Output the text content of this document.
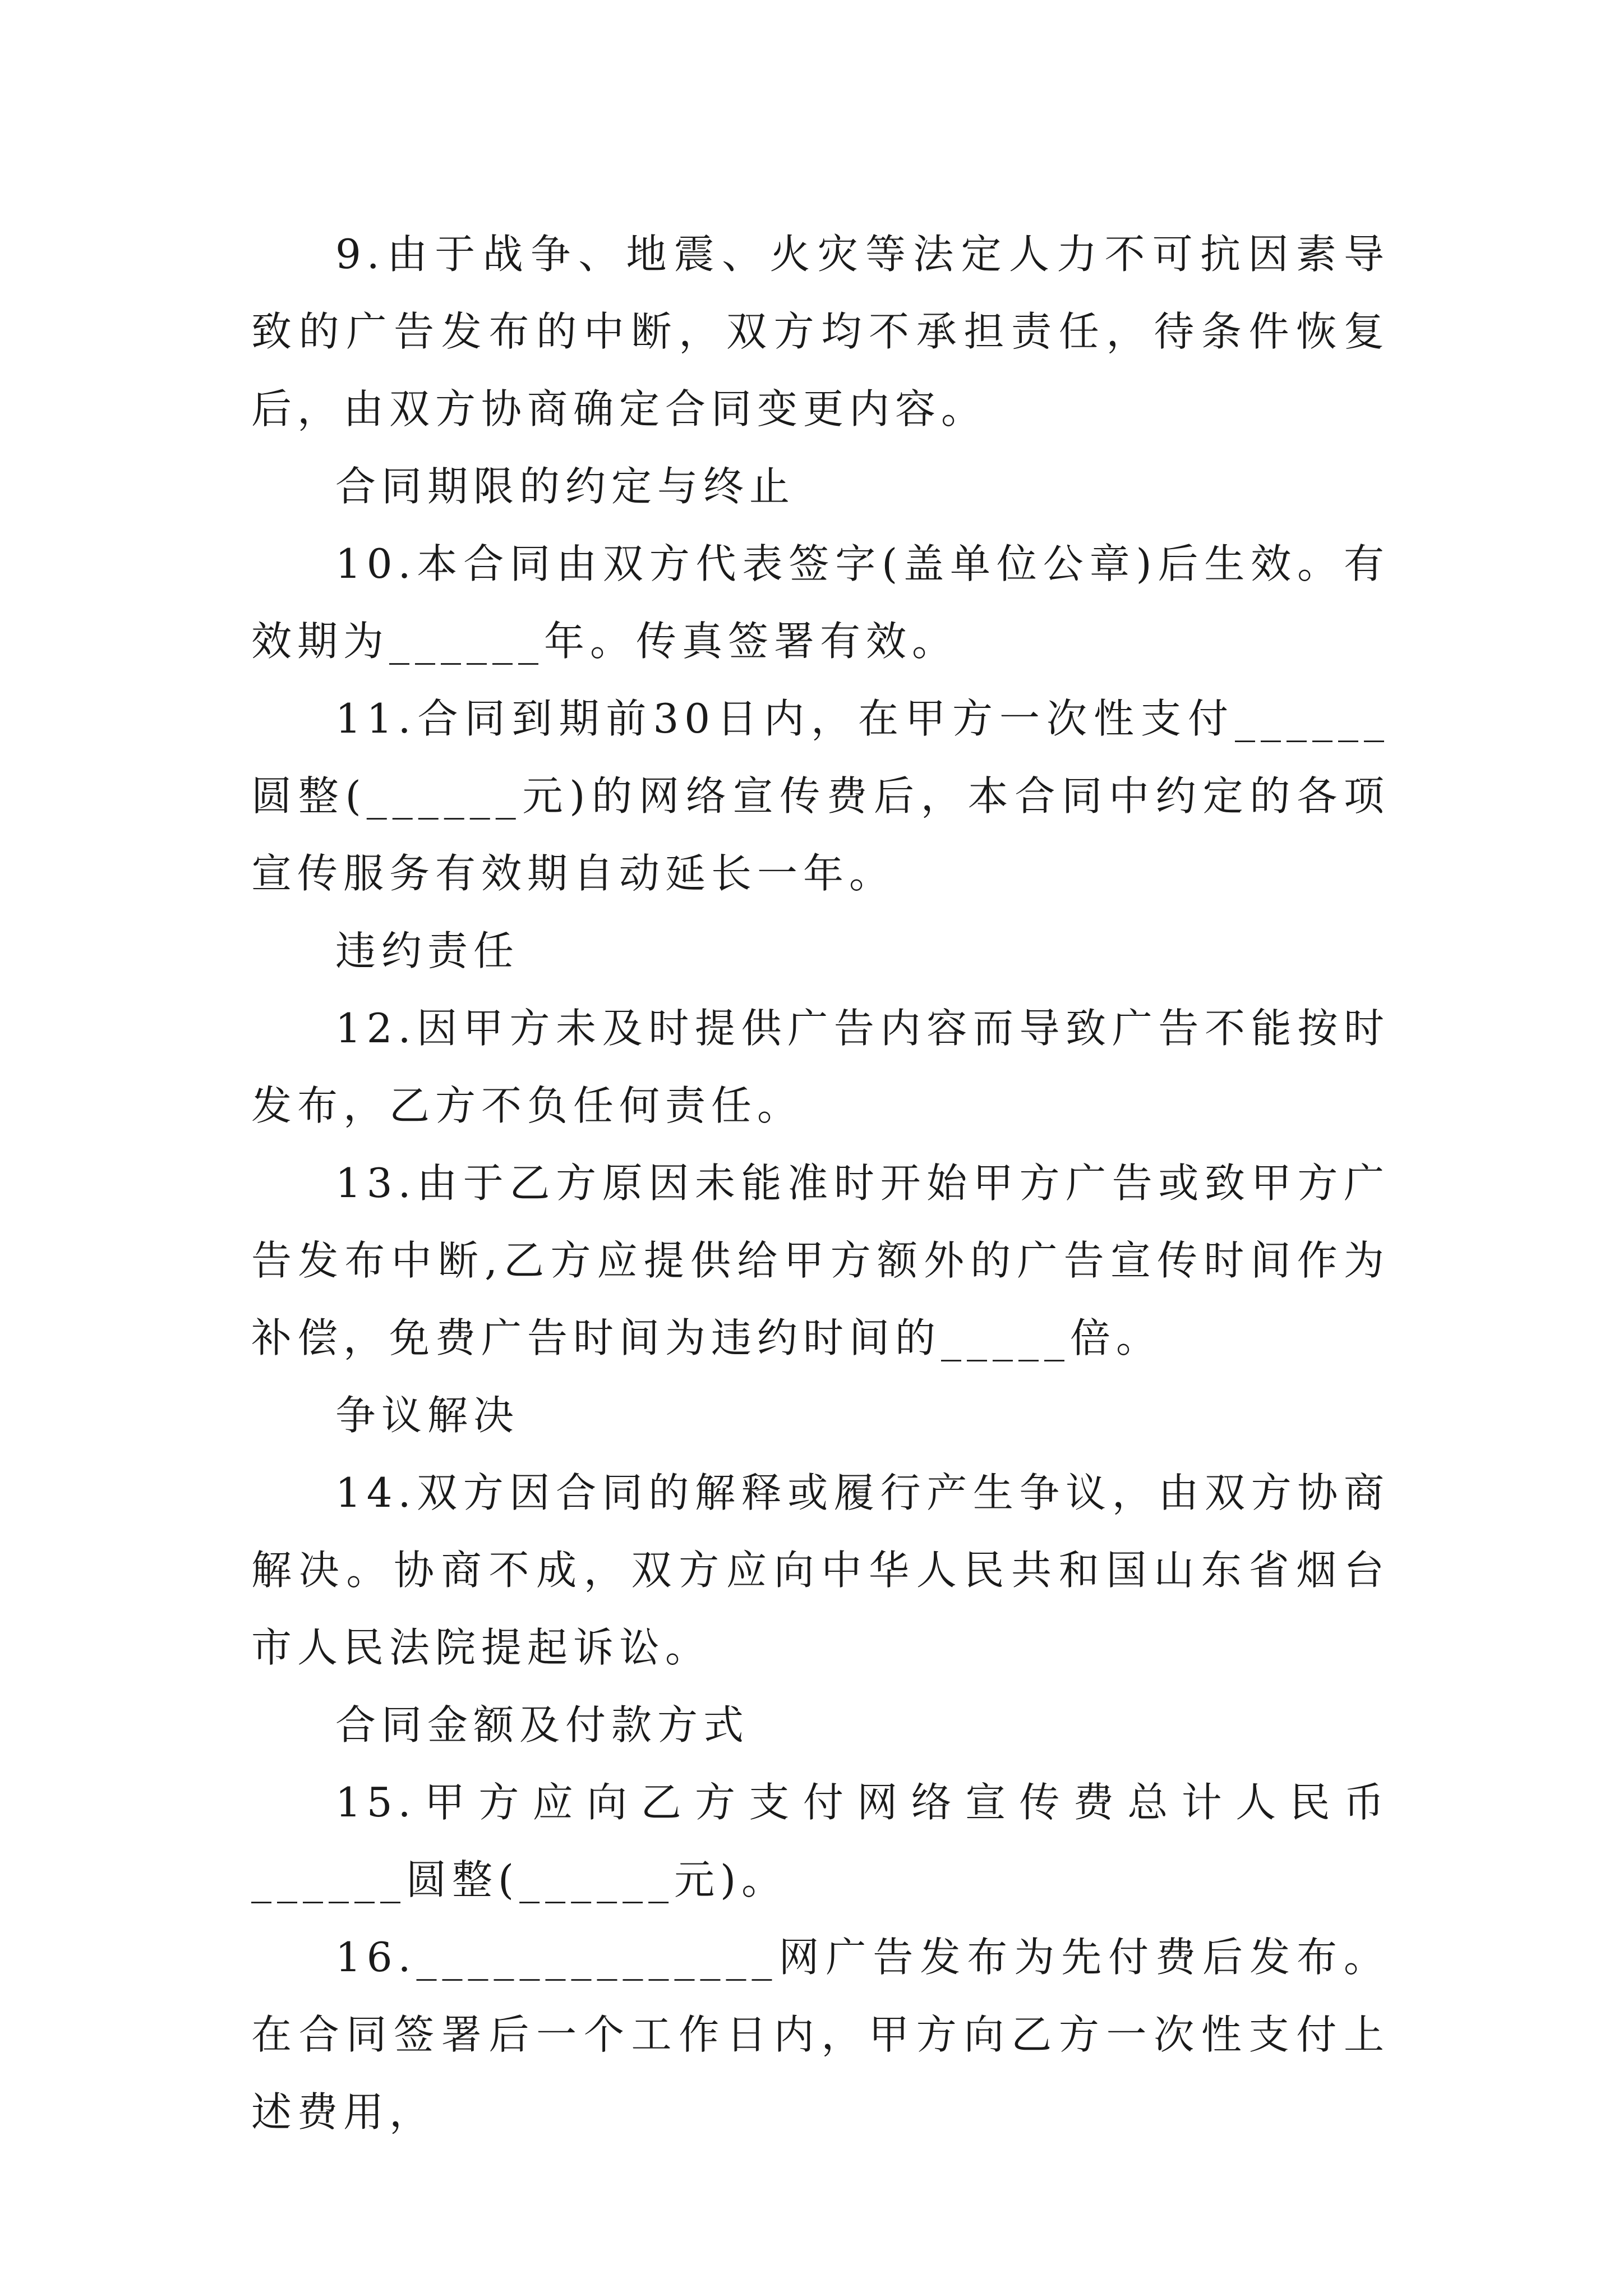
9.由于战争、地震、火灾等法定人力不可抗因素导致的广告发布的中断，双方均不承担责任，待条件恢复后，由双方协商确定合同变更内容。

合同期限的约定与终止

10.本合同由双方代表签字(盖单位公章)后生效。有效期为______年。传真签署有效。

11.合同到期前30日内，在甲方一次性支付______圆整(______元)的网络宣传费后，本合同中约定的各项宣传服务有效期自动延长一年。

违约责任

12.因甲方未及时提供广告内容而导致广告不能按时发布，乙方不负任何责任。

13.由于乙方原因未能准时开始甲方广告或致甲方广告发布中断,乙方应提供给甲方额外的广告宣传时间作为补偿，免费广告时间为违约时间的_____倍。

争议解决

14.双方因合同的解释或履行产生争议，由双方协商解决。协商不成，双方应向中华人民共和国山东省烟台市人民法院提起诉讼。

合同金额及付款方式

15.甲方应向乙方支付网络宣传费总计人民币______圆整(______元)。

16.______________网广告发布为先付费后发布。在合同签署后一个工作日内，甲方向乙方一次性支付上述费用，
